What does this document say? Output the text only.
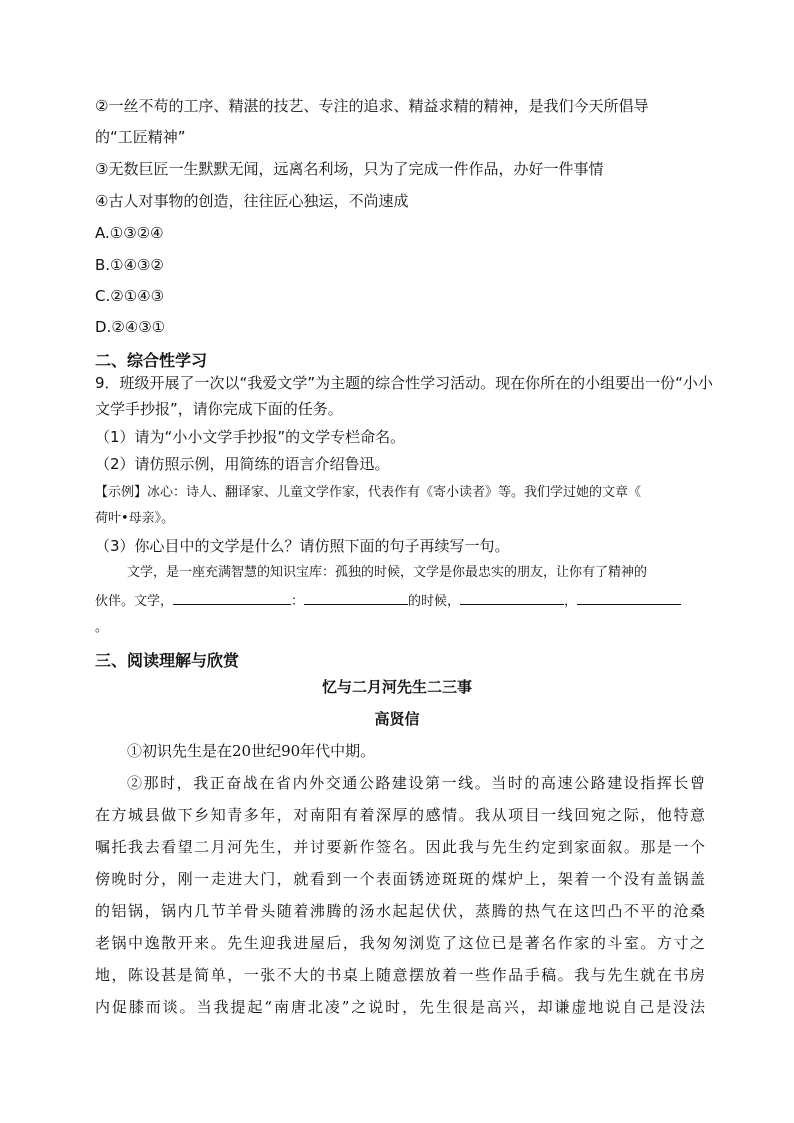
②一丝不苟的工序、精湛的技艺、专注的追求、精益求精的精神，是我们今天所倡导
的“工匠精神”
③无数巨匠一生默默无闻，远离名利场，只为了完成一件作品，办好一件事情
④古人对事物的创造，往往匠心独运，不尚速成
A.①③②④
B.①④③②
C.②①④③
D.②④③①
二、综合性学习
9．班级开展了一次以“我爱文学”为主题的综合性学习活动。现在你所在的小组要出一份“小小
文学手抄报”，请你完成下面的任务。
（1）请为“小小文学手抄报”的文学专栏命名。
（2）请仿照示例，用简练的语言介绍鲁迅。
【示例】冰心：诗人、翻译家、儿童文学作家，代表作有《寄小读者》等。我们学过她的文章《
荷叶•母亲》。
（3）你心目中的文学是什么？请仿照下面的句子再续写一句。
文学，是一座充满智慧的知识宝库：孤独的时候，文学是你最忠实的朋友，让你有了精神的
伙伴。文学，	：	的时候，	，
。
三、阅读理解与欣赏
忆与二月河先生二三事
高贤信
①初识先生是在20世纪90年代中期。
②那时，我正奋战在省内外交通公路建设第一线。当时的高速公路建设指挥长曾
在方城县做下乡知青多年，对南阳有着深厚的感情。我从项目一线回宛之际，他特意
嘱托我去看望二月河先生，并讨要新作签名。因此我与先生约定到家面叙。那是一个
傍晚时分，刚一走进大门，就看到一个表面锈迹斑斑的煤炉上，架着一个没有盖锅盖
的铝锅，锅内几节羊骨头随着沸腾的汤水起起伏伏，蒸腾的热气在这凹凸不平的沧桑
老锅中逸散开来。先生迎我进屋后，我匆匆浏览了这位已是著名作家的斗室。方寸之
地，陈设甚是简单，一张不大的书桌上随意摆放着一些作品手稿。我与先生就在书房
内促膝而谈。当我提起“南唐北凌”之说时，先生很是高兴，却谦虚地说自己是没法
